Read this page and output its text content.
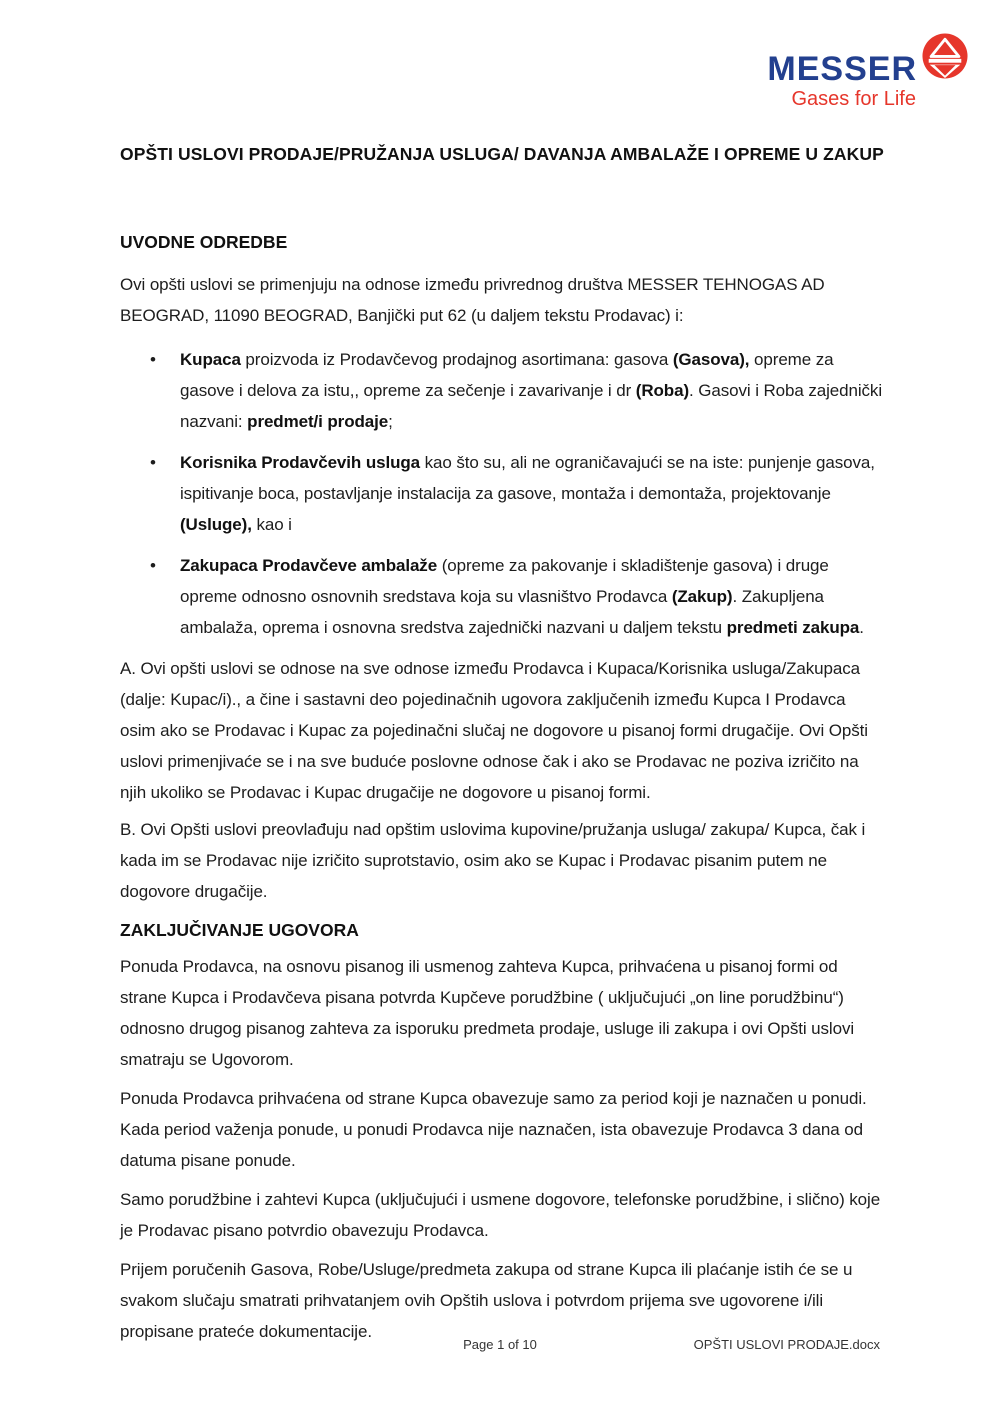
MESSER
Gases for Life
OPŠTI USLOVI PRODAJE/PRUŽANJA USLUGA/ DAVANJA AMBALAŽE I OPREME U ZAKUP
UVODNE ODREDBE

Ovi opšti uslovi se primenjuju na odnose između privrednog društva MESSER TEHNOGAS AD BEOGRAD, 11090 BEOGRAD, Banjički put 62 (u daljem tekstu Prodavac) i:

• Kupaca proizvoda iz Prodavčevog prodajnog asortimana: gasova (Gasova), opreme za gasove i delova za istu,, opreme za sečenje i zavarivanje i dr (Roba). Gasovi i Roba zajednički nazvani: predmet/i prodaje;
• Korisnika Prodavčevih usluga kao što su, ali ne ograničavajući se na iste: punjenje gasova, ispitivanje boca, postavljanje instalacija za gasove, montaža i demontaža, projektovanje (Usluge), kao i
• Zakupaca Prodavčeve ambalaže (opreme za pakovanje i skladištenje gasova) i druge opreme odnosno osnovnih sredstava koja su vlasništvo Prodavca (Zakup). Zakupljena ambalaža, oprema i osnovna sredstva zajednički nazvani u daljem tekstu predmeti zakupa.

A. Ovi opšti uslovi se odnose na sve odnose između Prodavca i Kupaca/Korisnika usluga/Zakupaca (dalje: Kupac/i)., a čine i sastavni deo pojedinačnih ugovora zaključenih između Kupca I Prodavca osim ako se Prodavac i Kupac za pojedinačni slučaj ne dogovore u pisanoj formi drugačije. Ovi Opšti uslovi primenjivaće se i na sve buduće poslovne odnose čak i ako se Prodavac ne poziva izričito na njih ukoliko se Prodavac i Kupac drugačije ne dogovore u pisanoj formi.

B. Ovi Opšti uslovi preovlađuju nad opštim uslovima kupovine/pružanja usluga/ zakupa/ Kupca, čak i kada im se Prodavac nije izričito suprotstavio, osim ako se Kupac i Prodavac pisanim putem ne dogovore drugačije.

ZAKLJUČIVANJE UGOVORA

Ponuda Prodavca, na osnovu pisanog ili usmenog zahteva Kupca, prihvaćena u pisanoj formi od strane Kupca i Prodavčeva pisana potvrda Kupčeve porudžbine ( uključujući „on line porudžbinu“) odnosno drugog pisanog zahteva za isporuku predmeta prodaje, usluge ili zakupa i ovi Opšti uslovi smatraju se Ugovorom.

Ponuda Prodavca prihvaćena od strane Kupca obavezuje samo za period koji je naznačen u ponudi. Kada period važenja ponude, u ponudi Prodavca nije naznačen, ista obavezuje Prodavca 3 dana od datuma pisane ponude.

Samo porudžbine i zahtevi Kupca (uključujući i usmene dogovore, telefonske porudžbine, i slično) koje je Prodavac pisano potvrdio obavezuju Prodavca.

Prijem poručenih Gasova, Robe/Usluge/predmeta zakupa od strane Kupca ili plaćanje istih će se u svakom slučaju smatrati prihvatanjem ovih Opštih uslova i potvrdom prijema sve ugovorene i/ili propisane prateće dokumentacije.

Page 1 of 10	OPŠTI USLOVI PRODAJE.docx
